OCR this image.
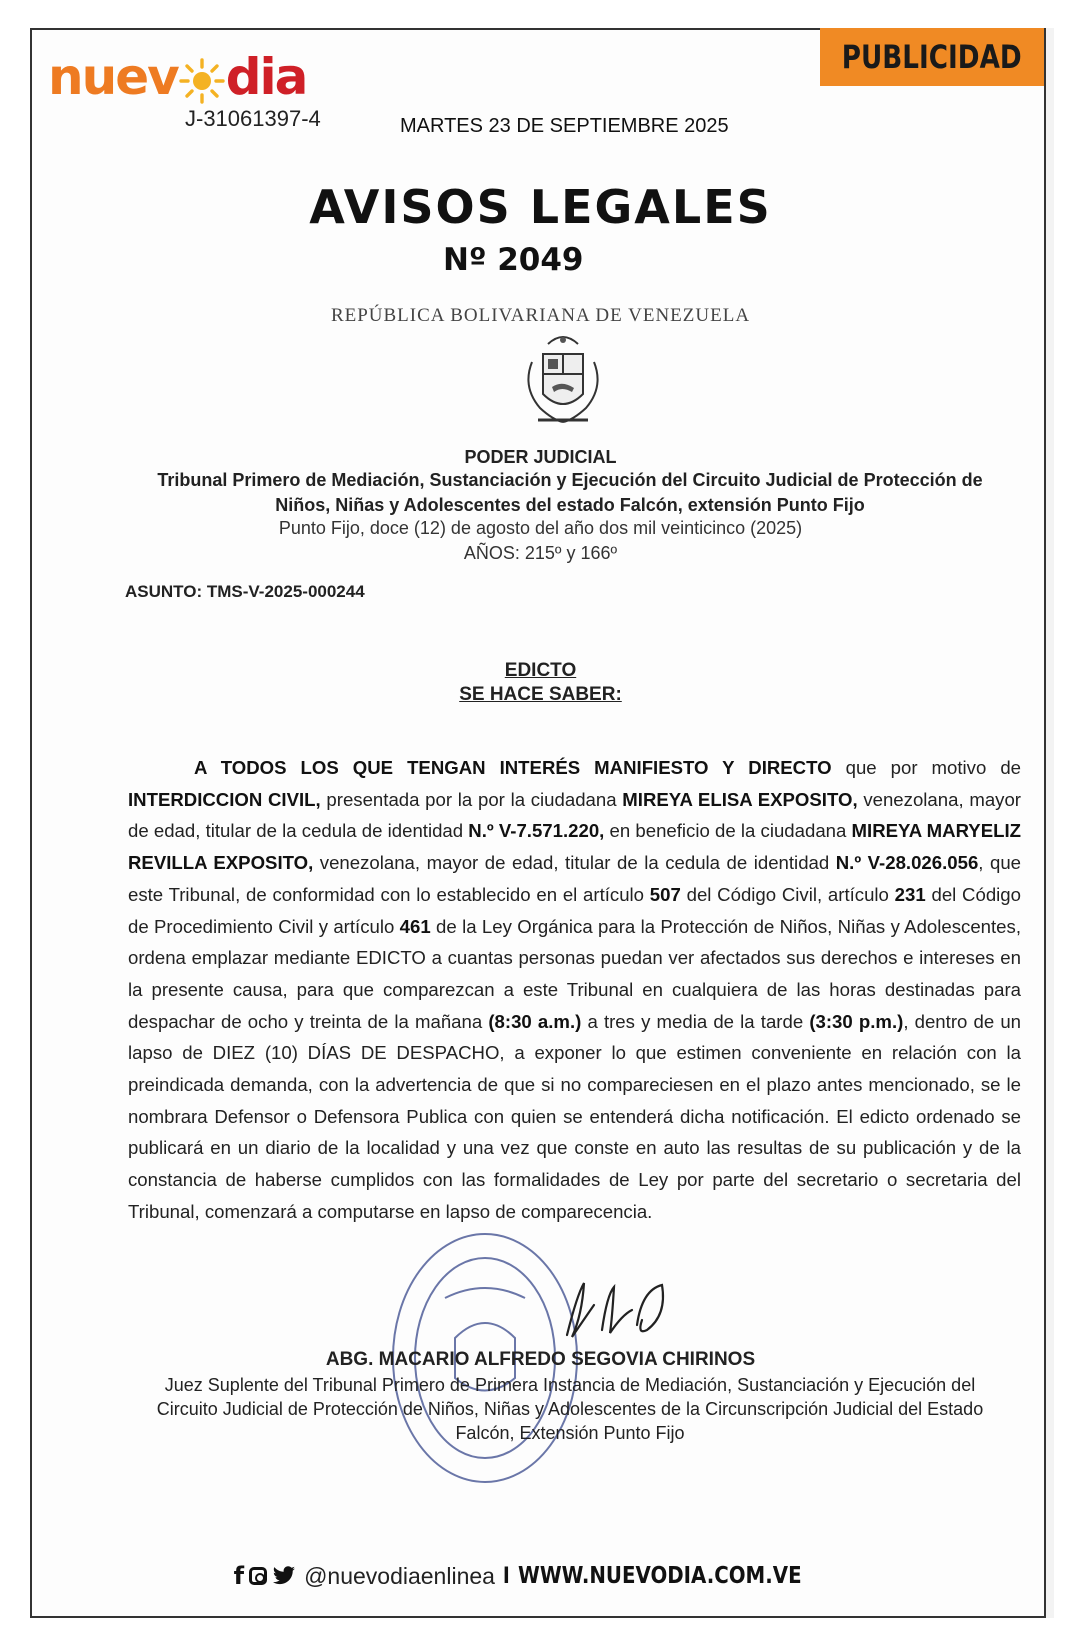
nuev dia
J-31061397-4
PUBLICIDAD
MARTES 23 DE SEPTIEMBRE 2025
AVISOS LEGALES
Nº 2049
REPÚBLICA BOLIVARIANA DE VENEZUELA
PODER JUDICIAL
Tribunal Primero de Mediación, Sustanciación y Ejecución del Circuito Judicial de Protección de Niños, Niñas y Adolescentes del estado Falcón, extensión Punto Fijo
Punto Fijo, doce (12) de agosto del año dos mil veinticinco (2025)
AÑOS: 215º y 166º
ASUNTO: TMS-V-2025-000244
EDICTO
SE HACE SABER:
A TODOS LOS QUE TENGAN INTERÉS MANIFIESTO Y DIRECTO que por motivo de INTERDICCION CIVIL, presentada por la por la ciudadana MIREYA ELISA EXPOSITO, venezolana, mayor de edad, titular de la cedula de identidad N.º V-7.571.220, en beneficio de la ciudadana MIREYA MARYELIZ REVILLA EXPOSITO, venezolana, mayor de edad, titular de la cedula de identidad N.º V-28.026.056, que este Tribunal, de conformidad con lo establecido en el artículo 507 del Código Civil, artículo 231 del Código de Procedimiento Civil y artículo 461 de la Ley Orgánica para la Protección de Niños, Niñas y Adolescentes, ordena emplazar mediante EDICTO a cuantas personas puedan ver afectados sus derechos e intereses en la presente causa, para que comparezcan a este Tribunal en cualquiera de las horas destinadas para despachar de ocho y treinta de la mañana (8:30 a.m.) a tres y media de la tarde (3:30 p.m.), dentro de un lapso de DIEZ (10) DÍAS DE DESPACHO, a exponer lo que estimen conveniente en relación con la preindicada demanda, con la advertencia de que si no compareciesen en el plazo antes mencionado, se le nombrara Defensor o Defensora Publica con quien se entenderá dicha notificación. El edicto ordenado se publicará en un diario de la localidad y una vez que conste en auto las resultas de su publicación y de la constancia de haberse cumplidos con las formalidades de Ley por parte del secretario o secretaria del Tribunal, comenzará a computarse en lapso de comparecencia.
ABG. MACARIO ALFREDO SEGOVIA CHIRINOS
Juez Suplente del Tribunal Primero de Primera Instancia de Mediación, Sustanciación y Ejecución del Circuito Judicial de Protección de Niños, Niñas y Adolescentes de la Circunscripción Judicial del Estado Falcón, Extensión Punto Fijo
f	@nuevodiaenlinea I WWW.NUEVODIA.COM.VE
